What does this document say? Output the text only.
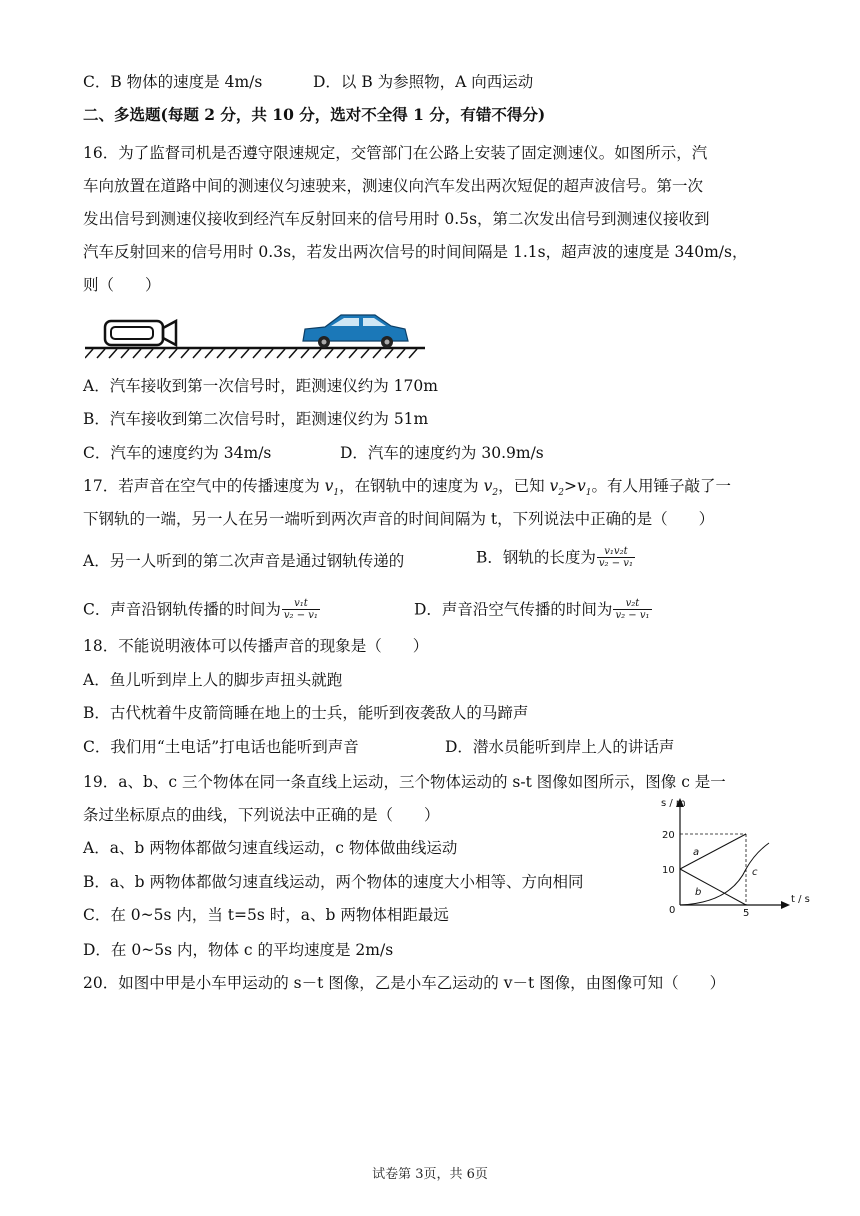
C．B 物体的速度是 4m/s	D．以 B 为参照物，A 向西运动
二、多选题(每题 2 分，共 10 分，选对不全得 1 分，有错不得分)
16．为了监督司机是否遵守限速规定，交管部门在公路上安装了固定测速仪。如图所示，汽
车向放置在道路中间的测速仪匀速驶来，测速仪向汽车发出两次短促的超声波信号。第一次
发出信号到测速仪接收到经汽车反射回来的信号用时 0.5s，第二次发出信号到测速仪接收到
汽车反射回来的信号用时 0.3s，若发出两次信号的时间间隔是 1.1s，超声波的速度是 340m/s，
则（　　）
A．汽车接收到第一次信号时，距测速仪约为 170m
B．汽车接收到第二次信号时，距测速仪约为 51m
C．汽车的速度约为 34m/s	D．汽车的速度约为 30.9m/s
17．若声音在空气中的传播速度为 $v_1$，在钢轨中的速度为 $v_2$，已知 $v_2>v_1$。有人用锤子敲了一
下钢轨的一端，另一人在另一端听到两次声音的时间间隔为 t，下列说法中正确的是（　　）
A．另一人听到的第二次声音是通过钢轨传递的	B．钢轨的长度为 $\frac{\text{v₁v₂t}}{\text{v₂ − v₁}}$
C．声音沿钢轨传播的时间为 $\frac{\text{v₁t}}{\text{v₂ − v₁}}$	D．声音沿空气传播的时间为 $\frac{\text{v₂t}}{\text{v₂ − v₁}}$
18．不能说明液体可以传播声音的现象是（　　）
A．鱼儿听到岸上人的脚步声扭头就跑
B．古代枕着牛皮箭筒睡在地上的士兵，能听到夜袭敌人的马蹄声
C．我们用“土电话”打电话也能听到声音	D．潜水员能听到岸上人的讲话声
19．a、b、c 三个物体在同一条直线上运动，三个物体运动的 s-t 图像如图所示，图像 c 是一
条过坐标原点的曲线，下列说法中正确的是（　　）
A．a、b 两物体都做匀速直线运动，c 物体做曲线运动
B．a、b 两物体都做匀速直线运动，两个物体的速度大小相等、方向相同
C．在 0~5s 内，当 t=5s 时，a、b 两物体相距最远
D．在 0~5s 内，物体 c 的平均速度是 2m/s
s / m
t / s
20
10
0	5
a
b
c
20．如图中甲是小车甲运动的 s－t 图像，乙是小车乙运动的 v－t 图像，由图像可知（　　）
试卷第 3页，共 6页
